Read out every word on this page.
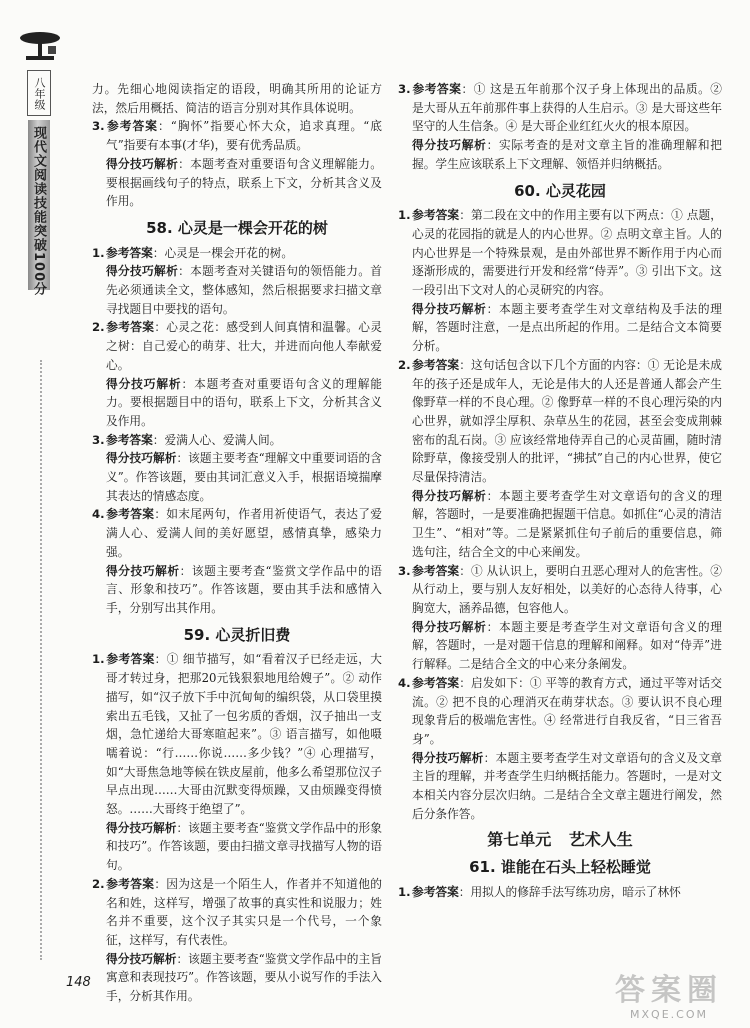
八年级
现代文阅读技能突破100分

力。先细心地阅读指定的语段，明确其所用的论证方法，然后用概括、简洁的语言分别对其作具体说明。

3.参考答案：“胸怀”指要心怀大众，追求真理。“底气”指要有本事(才华)，要有优秀品质。

得分技巧解析：本题考查对重要语句含义理解能力。要根据画线句子的特点，联系上下文，分析其含义及作用。

58. 心灵是一棵会开花的树

1.参考答案：心灵是一棵会开花的树。

得分技巧解析：本题考查对关键语句的领悟能力。首先必须通读全文，整体感知，然后根据要求扫描文章寻找题目中要找的语句。

2.参考答案：心灵之花：感受到人间真情和温馨。心灵之树：自己爱心的萌芽、壮大，并进而向他人奉献爱心。

得分技巧解析：本题考查对重要语句含义的理解能力。要根据题目中的语句，联系上下文，分析其含义及作用。

3.参考答案：爱满人心、爱满人间。

得分技巧解析：该题主要考查“理解文中重要词语的含义”。作答该题，要由其词汇意义入手，根据语境揣摩其表达的情感态度。

4.参考答案：如末尾两句，作者用祈使语气，表达了爱满人心、爱满人间的美好愿望，感情真挚，感染力强。

得分技巧解析：该题主要考查“鉴赏文学作品中的语言、形象和技巧”。作答该题，要由其手法和感情入手，分别写出其作用。

59. 心灵折旧费

1.参考答案：① 细节描写，如“看着汉子已经走远，大哥才转过身，把那20元钱狠狠地甩给嫂子”。② 动作描写，如“汉子放下手中沉甸甸的编织袋，从口袋里摸索出五毛钱，又扯了一包劣质的香烟，汉子抽出一支烟，急忙递给大哥寒暄起来”。③ 语言描写，如他嗫嚅着说：“行……你说……多少钱？”④ 心理描写，如“大哥焦急地等候在铁皮屋前，他多么希望那位汉子早点出现……大哥由沉默变得烦躁，又由烦躁变得愤怒。……大哥终于绝望了”。

得分技巧解析：该题主要考查“鉴赏文学作品中的形象和技巧”。作答该题，要由扫描文章寻找描写人物的语句。

2.参考答案：因为这是一个陌生人，作者并不知道他的名和姓，这样写，增强了故事的真实性和说服力；姓名并不重要，这个汉子其实只是一个代号，一个象征，这样写，有代表性。

得分技巧解析：该题主要考查“鉴赏文学作品中的主旨寓意和表现技巧”。作答该题，要从小说写作的手法入手，分析其作用。

3.参考答案：① 这是五年前那个汉子身上体现出的品质。② 是大哥从五年前那件事上获得的人生启示。③ 是大哥这些年坚守的人生信条。④ 是大哥企业红红火火的根本原因。

得分技巧解析：实际考查的是对文章主旨的准确理解和把握。学生应该联系上下文理解、领悟并归纳概括。

60. 心灵花园

1.参考答案：第二段在文中的作用主要有以下两点：① 点题，心灵的花园指的就是人的内心世界。② 点明文章主旨。人的内心世界是一个特殊景观，是由外部世界不断作用于内心而逐渐形成的，需要进行开发和经常“侍弄”。③ 引出下文。这一段引出下文对人的心灵研究的内容。

得分技巧解析：本题主要考查学生对文章结构及手法的理解，答题时注意，一是点出所起的作用。二是结合文本简要分析。

2.参考答案：这句话包含以下几个方面的内容：① 无论是未成年的孩子还是成年人，无论是伟大的人还是普通人都会产生像野草一样的不良心理。② 像野草一样的不良心理污染的内心世界，就如浮尘厚积、杂草丛生的花园，甚至会变成荆棘密布的乱石岗。③ 应该经常地侍弄自己的心灵苗圃，随时清除野草，像接受别人的批评，“拂拭”自己的内心世界，使它尽量保持清洁。

得分技巧解析：本题主要考查学生对文章语句的含义的理解，答题时，一是要准确把握题干信息。如抓住“心灵的清洁卫生”、“相对”等。二是紧紧抓住句子前后的重要信息，筛选句注，结合全文的中心来阐发。

3.参考答案：① 从认识上，要明白丑恶心理对人的危害性。② 从行动上，要与别人友好相处，以美好的心态待人待事，心胸宽大，涵养品德，包容他人。

得分技巧解析：本题主要是考查学生对文章语句含义的理解，答题时，一是对题干信息的理解和阐释。如对“侍弄”进行解释。二是结合全文的中心来分条阐发。

4.参考答案：启发如下：① 平等的教育方式，通过平等对话交流。② 把不良的心理消灭在萌芽状态。③ 要认识不良心理现象背后的极端危害性。④ 经常进行自我反省，“日三省吾身”。

得分技巧解析：本题主要考查学生对文章语句的含义及文章主旨的理解，并考查学生归纳概括能力。答题时，一是对文本相关内容分层次归纳。二是结合全文章主题进行阐发，然后分条作答。

第七单元 艺术人生
61. 谁能在石头上轻松睡觉

1.参考答案：用拟人的修辞手法写练功房，暗示了林怀

148	答案圈
MXQE.COM
